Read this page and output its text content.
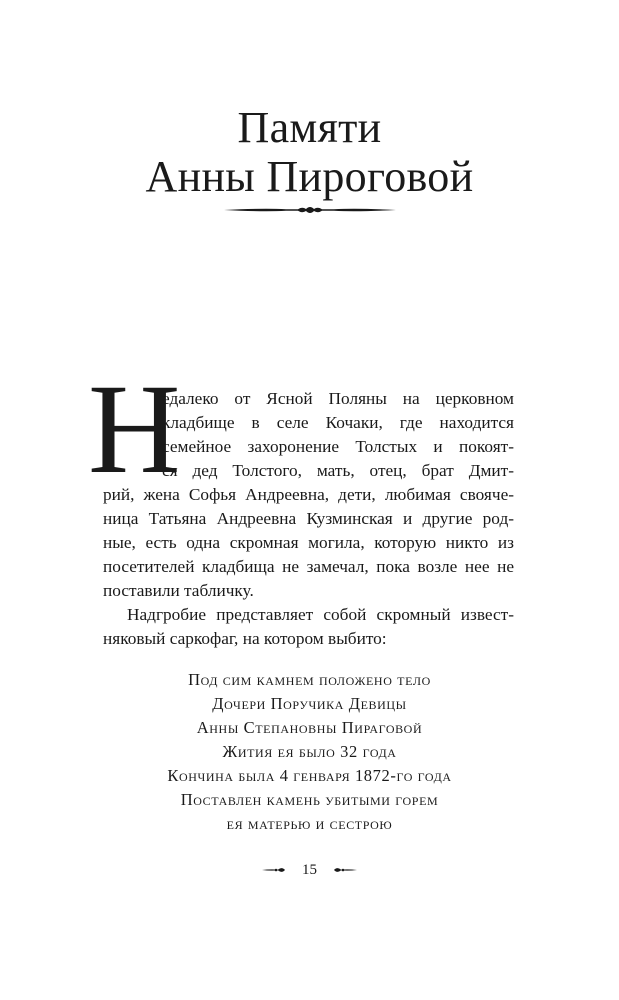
Памяти
Анны Пироговой
Н
едалеко от Ясной Поляны на церковном
кладбище в селе Кочаки, где находится
семейное захоронение Толстых и покоят-
ся дед Толстого, мать, отец, брат Дмит-
рий, жена Софья Андреевна, дети, любимая свояче-
ница Татьяна Андреевна Кузминская и другие род-
ные, есть одна скромная могила, которую никто из
посетителей кладбища не замечал, пока возле нее не
поставили табличку.
Надгробие представляет собой скромный извест-
няковый саркофаг, на котором выбито:
Под сим камнем положено тело
Дочери Поручика Девицы
Анны Степановны Пираговой
Жития ея было 32 года
Кончина была 4 генваря 1872-го года
Поставлен камень убитыми горем
ея матерью и сестрою
15
